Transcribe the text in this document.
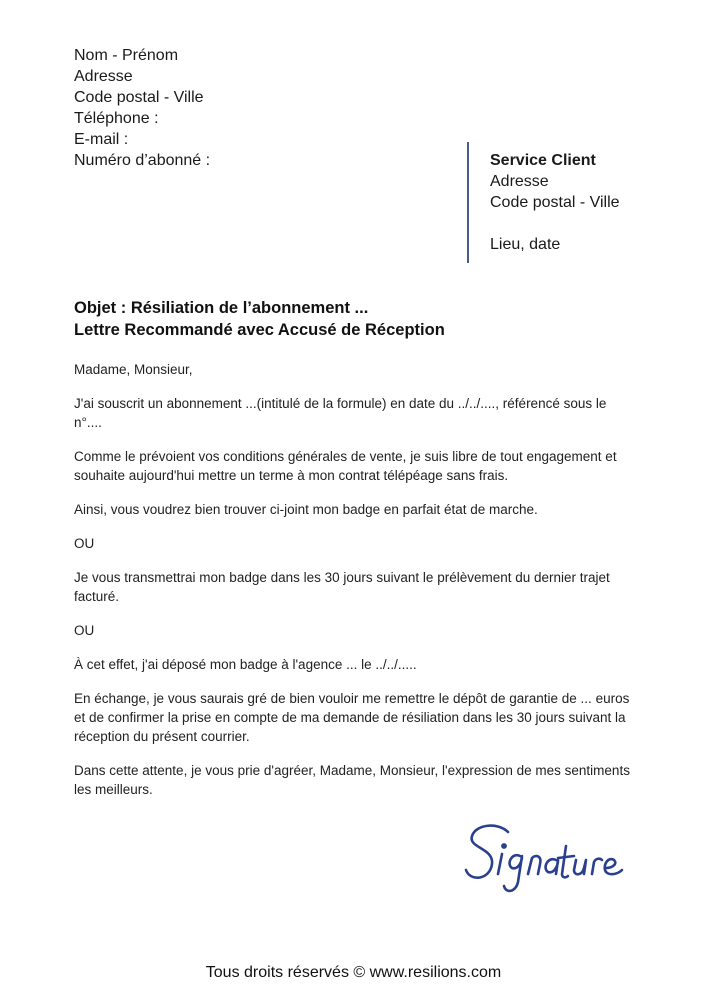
Nom - Prénom
Adresse
Code postal - Ville
Téléphone :
E-mail :
Numéro d’abonné :	Service Client
Adresse
Code postal - Ville
Lieu, date
Objet : Résiliation de l’abonnement ...
Lettre Recommandé avec Accusé de Réception

Madame, Monsieur,

J'ai souscrit un abonnement ...(intitulé de la formule) en date du ../../...., référencé sous le n°....

Comme le prévoient vos conditions générales de vente, je suis libre de tout engagement et souhaite aujourd'hui mettre un terme à mon contrat télépéage sans frais.

Ainsi, vous voudrez bien trouver ci-joint mon badge en parfait état de marche.

OU

Je vous transmettrai mon badge dans les 30 jours suivant le prélèvement du dernier trajet facturé.

OU

À cet effet, j'ai déposé mon badge à l'agence ... le ../../.....

En échange, je vous saurais gré de bien vouloir me remettre le dépôt de garantie de ... euros et de confirmer la prise en compte de ma demande de résiliation dans les 30 jours suivant la réception du présent courrier.

Dans cette attente, je vous prie d'agréer, Madame, Monsieur, l'expression de mes sentiments les meilleurs.

Tous droits réservés © www.resilions.com
